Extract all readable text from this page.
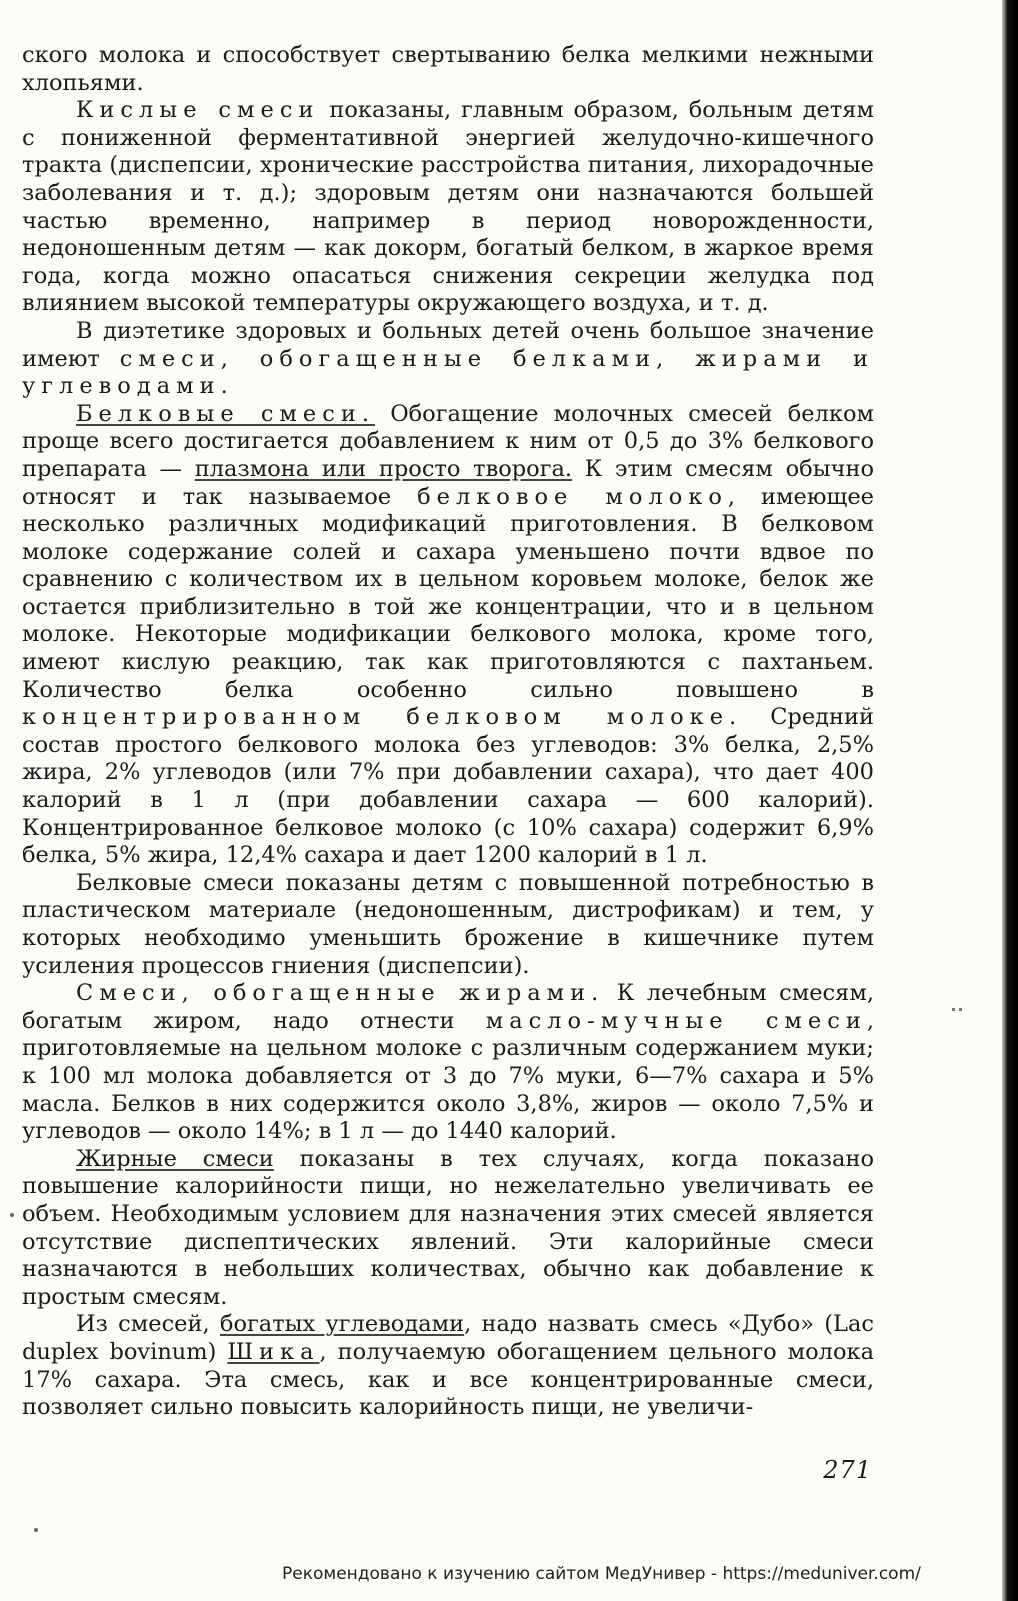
ского молока и способствует свертыванию белка мелкими нежными хлопьями.

Кислые смеси показаны, главным образом, больным детям с пониженной ферментативной энергией желудочно-кишечного тракта (диспепсии, хронические расстройства питания, лихорадочные заболевания и т. д.); здоровым детям они назначаются большей частью временно, например в период новорожденности, недоношенным детям — как докорм, богатый белком, в жаркое время года, когда можно опасаться снижения секреции желудка под влиянием высокой температуры окружающего воздуха, и т. д.

В диэтетике здоровых и больных детей очень большое значение имеют смеси, обогащенные белками, жирами и углеводами.

Белковые смеси. Обогащение молочных смесей белком проще всего достигается добавлением к ним от 0,5 до 3% белкового препарата — плазмона или просто творога. К этим смесям обычно относят и так называемое белковое молоко, имеющее несколько различных модификаций приготовления. В белковом молоке содержание солей и сахара уменьшено почти вдвое по сравнению с количеством их в цельном коровьем молоке, белок же остается приблизительно в той же концентрации, что и в цельном молоке. Некоторые модификации белкового молока, кроме того, имеют кислую реакцию, так как приготовляются с пахтаньем. Количество белка особенно сильно повышено в концентрированном белковом молоке. Средний состав простого белкового молока без углеводов: 3% белка, 2,5% жира, 2% углеводов (или 7% при добавлении сахара), что дает 400 калорий в 1 л (при добавлении сахара — 600 калорий). Концентрированное белковое молоко (с 10% сахара) содержит 6,9% белка, 5% жира, 12,4% сахара и дает 1200 калорий в 1 л.

Белковые смеси показаны детям с повышенной потребностью в пластическом материале (недоношенным, дистрофикам) и тем, у которых необходимо уменьшить брожение в кишечнике путем усиления процессов гниения (диспепсии).

Смеси, обогащенные жирами. К лечебным смесям, богатым жиром, надо отнести масло-мучные смеси, приготовляемые на цельном молоке с различным содержанием муки; к 100 мл молока добавляется от 3 до 7% муки, 6—7% сахара и 5% масла. Белков в них содержится около 3,8%, жиров — около 7,5% и углеводов — около 14%; в 1 л — до 1440 калорий.

Жирные смеси показаны в тех случаях, когда показано повышение калорийности пищи, но нежелательно увеличивать ее объем. Необходимым условием для назначения этих смесей является отсутствие диспептических явлений. Эти калорийные смеси назначаются в небольших количествах, обычно как добавление к простым смесям.

Из смесей, богатых углеводами, надо назвать смесь «Дубо» (Lac duplex bovinum) Шика, получаемую обогащением цельного молока 17% сахара. Эта смесь, как и все концентрированные смеси, позволяет сильно повысить калорийность пищи, не увеличи-

271
Рекомендовано к изучению сайтом МедУнивер - https://meduniver.com/
